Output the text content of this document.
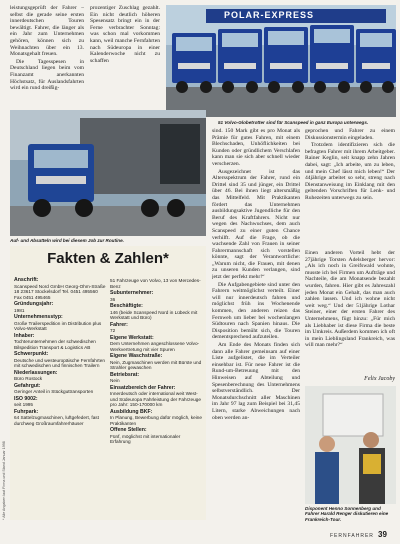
leistungsgeprüft der Fahrer – selbst die gerade seine ersten innerdeutschen Touren bewältigt. Fahrer, die länger als ein Jahr zum Unternehmen gehören, können sich zu Weihnachten über ein 13. Monatsgehalt freuen.

Die Tagesspesen in Deutschland liegen beim vom Finanzamt anerkannten Höchstsatz, für Auslandsfahrten wird ein rund dreißig-

prozentiger Zuschlag gezahlt. Ein nicht deutlich höheren Spesensatz bringt ein in der Ferne verbrachter Sonntag: was schon mal vorkommen kann, weil manche Fernfahrten nach Südeuropa in einer Kalenderwoche nicht zu schaffen

POLAR-EXPRESS
51 Volvo-Globetrotter sind für Scanspeed in ganz Europa unterwegs.
Auf- und Absatteln wird bei diesem Job zur Routine.

sind. 150 Mark gibt es pro Monat als Prämie für gutes Fahren, mit einem Blechschaden, Unhöflichkeiten bei Kunden oder gründlichem Verschlafen kann man sie sich aber schnell wieder verscherzen.

Ausgezeichnet ist das Altersspektrum der Fahrer, rund ein Drittel sind 35 und jünger, ein Drittel über 46. Bei ihnen liegt altersmäßig das Mittelfeld. Mit Praktikanten fördert das Unternehmen ausbildungsaktive Jugendliche für den Beruf des Kraftfahrers. Nicht nur wegen des Nachwuchses, dem auch Scanspeed zu einer guten Chance verhilft. Auf die Frage, ob die wachsende Zahl von Frauen in seiner Fahrermannschaft sich vorstellen könnte, sagt der Verantwortliche: „Warum nicht, die Frauen, mit denen zu unseren Kunden verlangen, sind jetzt der perfekt mehr!“

Die Aufgabengebiete sind unter den Fahrern weitmöglichst verteilt. Einer will nur innerdeutsch fahren und möglichst früh ins Wochenende kommen, den anderen reizen das Fernweh um lieber bei wochenlangen Südtouren nach Spanien hinaus. Die Disposition bemüht sich, die Touren dementsprechend aufzuteilen.

Am Ende des Monats finden sich dann alle Fahrer gemeinsam auf einer Liste aufgelistet, die im Verteiler einsehbar ist. Für neue Fahrer ist die Rund-um-Betreuung mit den Hinweisen auf Abteilung und Spesenberechnung des Unternehmens selbstverständlich. Der Monatsdurchschnitt aller Maschinen im Jahr 97 lag zum Beispiel bei 31,45 Litern, starke Abweichungen nach oben werden an-

geprochen und Fahrer zu einem Diskussionstermin eingeladen.

Trotzdem identifizieren sich die befragten Fahrer mit ihrem Arbeitgeber. Rainer Keglin, seit knapp zehn Jahren dabei, sagt: „Ich arbeite, um zu leben, und mein Chef lässt mich leben!“ Der 44jährige arbeitet so sehr, streng nach Dienstanweisung im Einklang mit den geltenden Vorschriften für Lenk- und Ruhezeiten unterwegs zu sein.

Einen anderen Vorteil hebt der 27jährige Torsten Adelsberger hervor: „Als ich noch in Greifswald wohnte, musste ich bei Firmen um Aufträge und Nachteile, die am Monatsende bezahlt wurden, fahren. Hier gibt es Jahreszahl jeden Monat ein Gehalt, das man auch zahlen lassen. Und ich wohne nicht weit weg.“ Und der 51jährige Lothar Steiner, einer der ersten Fahrer des Unternehmens, fügt hinzu: „Für mich als Liebhaber ist diese Firma die beste im Umkreis. Außerdem kommen ich oft in mein Lieblingsland Frankreich, was will man mehr?“

Felix Jacoby
Disponent Henno Sonnenberg und Fahrer Harald Renger diskutieren eine Frankreich-Tour.
Fakten & Zahlen*
Anschrift:
Scanspeed Nord GmbH Georg-Ohm-Straße 18 23617 Stockelsdorf Tel. 0451 495560 Fax 0451 495465
Gründungsjahr:
1981
Unternehmensstyp:
Große Trailerspedition im Distribution plus Volvo-Werkstatt
Inhaber:
Tochterunternehmen der schwedischen Bilspedition Transport & Logistics AB
Schwerpunkt:
Deutsche und westeuropäische Fernfahrten mit schwedischen und finnischen Trailern
Niederlassungen:
Büro Rostock
Gefahrgut:
Geringer Anteil in Stückguttransporten
ISO 9002:
seit 1995
Fuhrpark:
64 Sattelzugmaschinen, luftgefedert, fast durchweg Großraumfahrerhäuser
51 Fahrzeuge von Volvo, 13 von Mercedes-Benz
Subunternehmer:
36
Beschäftigte:
146 (beide Scanspeed Nord in Lübeck mit Werkstatt und Büro)
Fahrer:
72
Eigene Werkstatt:
Dem Unternehmen angeschlossene Volvo-Werkvertretung mit vier Spuren
Eigene Waschstraße:
Nein, Zugmaschinen werden mit Bürste und Strahler gewaschen
Betriebsrat:
Nein
Einsatzbereich der Fahrer:
Innerdeutsch oder international weit West- und Südeuropa Fahrleistung der Fahrzeuge pro Jahr: 150-170000 km
Ausbildung BKF:
In Planung, Bewerbung dafür möglich, keine Praktikanten
Offene Stellen:
Fünf, möglichst mit internationaler Erfahrung
* Alle Angaben laut Firma und Stand Januar 1998
FERNFAHRER 39
